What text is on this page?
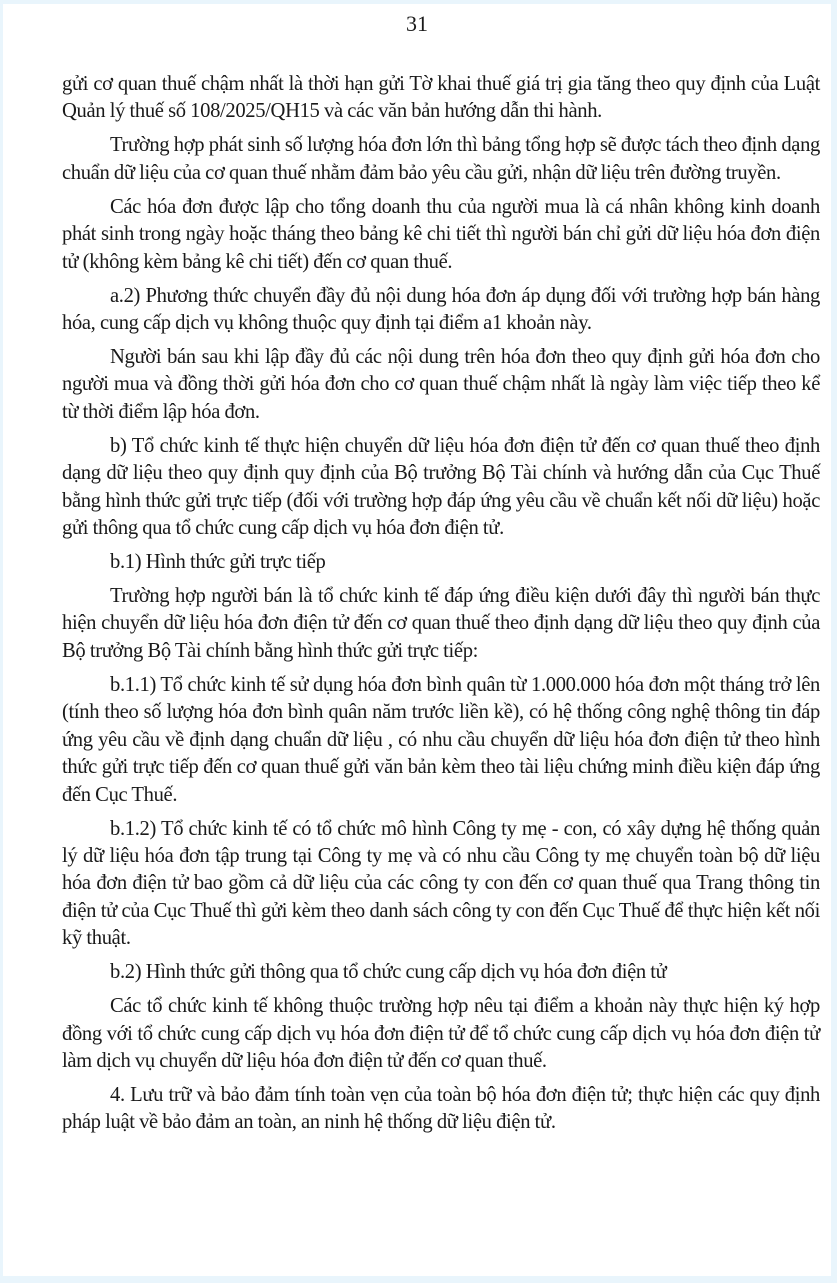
31

gửi cơ quan thuế chậm nhất là thời hạn gửi Tờ khai thuế giá trị gia tăng theo quy định của Luật Quản lý thuế số 108/2025/QH15 và các văn bản hướng dẫn thi hành.

Trường hợp phát sinh số lượng hóa đơn lớn thì bảng tổng hợp sẽ được tách theo định dạng chuẩn dữ liệu của cơ quan thuế nhằm đảm bảo yêu cầu gửi, nhận dữ liệu trên đường truyền.

Các hóa đơn được lập cho tổng doanh thu của người mua là cá nhân không kinh doanh phát sinh trong ngày hoặc tháng theo bảng kê chi tiết thì người bán chỉ gửi dữ liệu hóa đơn điện tử (không kèm bảng kê chi tiết) đến cơ quan thuế.

a.2) Phương thức chuyển đầy đủ nội dung hóa đơn áp dụng đối với trường hợp bán hàng hóa, cung cấp dịch vụ không thuộc quy định tại điểm a1 khoản này.

Người bán sau khi lập đầy đủ các nội dung trên hóa đơn theo quy định gửi hóa đơn cho người mua và đồng thời gửi hóa đơn cho cơ quan thuế chậm nhất là ngày làm việc tiếp theo kể từ thời điểm lập hóa đơn.

b) Tổ chức kinh tế thực hiện chuyển dữ liệu hóa đơn điện tử đến cơ quan thuế theo định dạng dữ liệu theo quy định quy định của Bộ trưởng Bộ Tài chính và hướng dẫn của Cục Thuế bằng hình thức gửi trực tiếp (đối với trường hợp đáp ứng yêu cầu về chuẩn kết nối dữ liệu) hoặc gửi thông qua tổ chức cung cấp dịch vụ hóa đơn điện tử.

b.1) Hình thức gửi trực tiếp

Trường hợp người bán là tổ chức kinh tế đáp ứng điều kiện dưới đây thì người bán thực hiện chuyển dữ liệu hóa đơn điện tử đến cơ quan thuế theo định dạng dữ liệu theo quy định của Bộ trưởng Bộ Tài chính bằng hình thức gửi trực tiếp:

b.1.1) Tổ chức kinh tế sử dụng hóa đơn bình quân từ 1.000.000 hóa đơn một tháng trở lên (tính theo số lượng hóa đơn bình quân năm trước liền kề), có hệ thống công nghệ thông tin đáp ứng yêu cầu về định dạng chuẩn dữ liệu , có nhu cầu chuyển dữ liệu hóa đơn điện tử theo hình thức gửi trực tiếp đến cơ quan thuế gửi văn bản kèm theo tài liệu chứng minh điều kiện đáp ứng đến Cục Thuế.

b.1.2) Tổ chức kinh tế có tổ chức mô hình Công ty mẹ - con, có xây dựng hệ thống quản lý dữ liệu hóa đơn tập trung tại Công ty mẹ và có nhu cầu Công ty mẹ chuyển toàn bộ dữ liệu hóa đơn điện tử bao gồm cả dữ liệu của các công ty con đến cơ quan thuế qua Trang thông tin điện tử của Cục Thuế thì gửi kèm theo danh sách công ty con đến Cục Thuế để thực hiện kết nối kỹ thuật.

b.2) Hình thức gửi thông qua tổ chức cung cấp dịch vụ hóa đơn điện tử

Các tổ chức kinh tế không thuộc trường hợp nêu tại điểm a khoản này thực hiện ký hợp đồng với tổ chức cung cấp dịch vụ hóa đơn điện tử để tổ chức cung cấp dịch vụ hóa đơn điện tử làm dịch vụ chuyển dữ liệu hóa đơn điện tử đến cơ quan thuế.

4. Lưu trữ và bảo đảm tính toàn vẹn của toàn bộ hóa đơn điện tử; thực hiện các quy định pháp luật về bảo đảm an toàn, an ninh hệ thống dữ liệu điện tử.
